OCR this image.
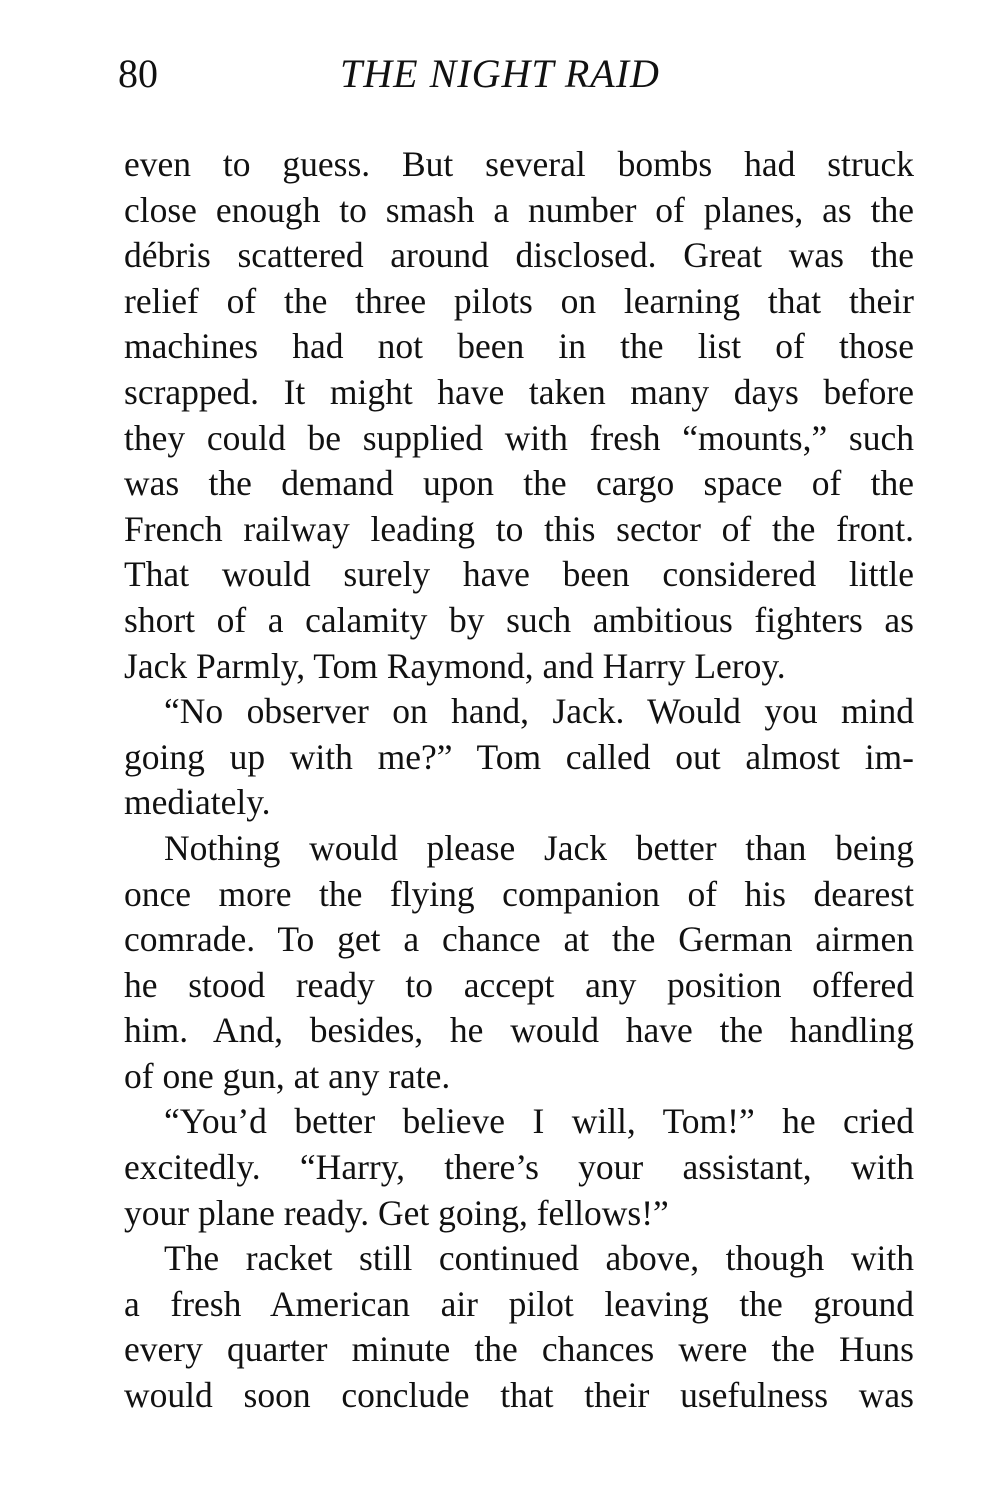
80	THE NIGHT RAID
even to guess. But several bombs had struck
close enough to smash a number of planes, as the
débris scattered around disclosed. Great was the
relief of the three pilots on learning that their
machines had not been in the list of those
scrapped. It might have taken many days before
they could be supplied with fresh “mounts,” such
was the demand upon the cargo space of the
French railway leading to this sector of the front.
That would surely have been considered little
short of a calamity by such ambitious fighters as
Jack Parmly, Tom Raymond, and Harry Leroy.
“No observer on hand, Jack. Would you mind
going up with me?” Tom called out almost im-
mediately.
Nothing would please Jack better than being
once more the flying companion of his dearest
comrade. To get a chance at the German airmen
he stood ready to accept any position offered
him. And, besides, he would have the handling
of one gun, at any rate.
“You’d better believe I will, Tom!” he cried
excitedly. “Harry, there’s your assistant, with
your plane ready. Get going, fellows!”
The racket still continued above, though with
a fresh American air pilot leaving the ground
every quarter minute the chances were the Huns
would soon conclude that their usefulness was
